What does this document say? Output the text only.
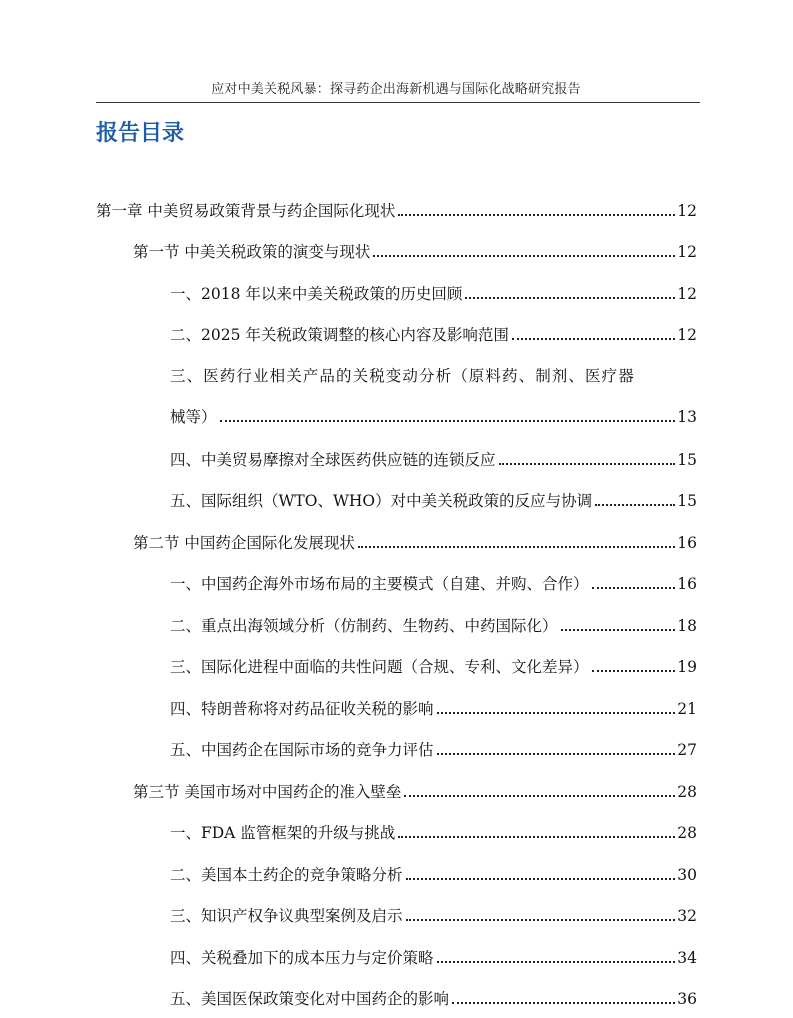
应对中美关税风暴：探寻药企出海新机遇与国际化战略研究报告
报告目录
第一章 中美贸易政策背景与药企国际化现状	12
第一节 中美关税政策的演变与现状	12
一、2018 年以来中美关税政策的历史回顾	12
二、2025 年关税政策调整的核心内容及影响范围	12
三、医药行业相关产品的关税变动分析（原料药、制剂、医疗器
械等）	13
四、中美贸易摩擦对全球医药供应链的连锁反应	15
五、国际组织（WTO、WHO）对中美关税政策的反应与协调	15
第二节 中国药企国际化发展现状	16
一、中国药企海外市场布局的主要模式（自建、并购、合作）	16
二、重点出海领域分析（仿制药、生物药、中药国际化）	18
三、国际化进程中面临的共性问题（合规、专利、文化差异）	19
四、特朗普称将对药品征收关税的影响	21
五、中国药企在国际市场的竞争力评估	27
第三节 美国市场对中国药企的准入壁垒	28
一、FDA 监管框架的升级与挑战	28
二、美国本土药企的竞争策略分析	30
三、知识产权争议典型案例及启示	32
四、关税叠加下的成本压力与定价策略	34
五、美国医保政策变化对中国药企的影响	36
